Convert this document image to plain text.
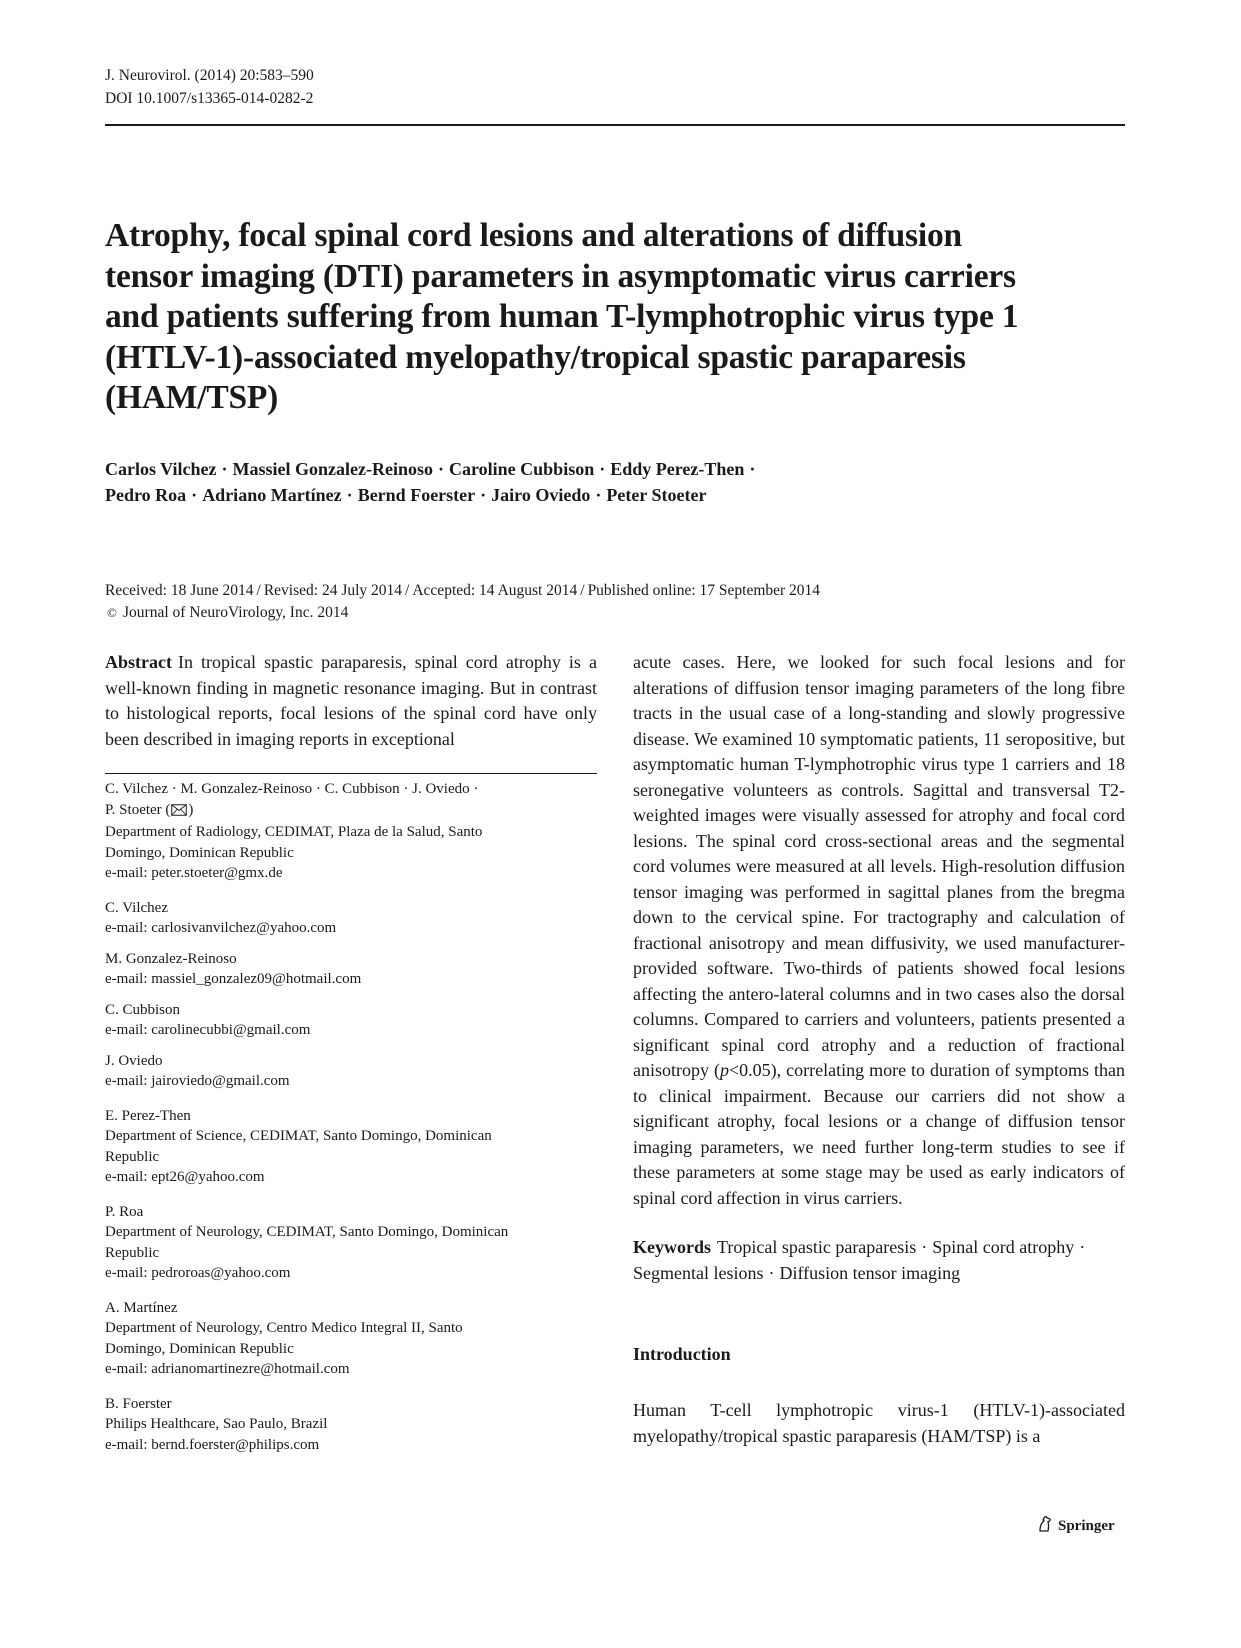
J. Neurovirol. (2014) 20:583–590
DOI 10.1007/s13365-014-0282-2
Atrophy, focal spinal cord lesions and alterations of diffusion
tensor imaging (DTI) parameters in asymptomatic virus carriers
and patients suffering from human T-lymphotrophic virus type 1
(HTLV-1)-associated myelopathy/tropical spastic paraparesis
(HAM/TSP)
Carlos Vilchez · Massiel Gonzalez-Reinoso · Caroline Cubbison · Eddy Perez-Then ·
Pedro Roa · Adriano Martínez · Bernd Foerster · Jairo Oviedo · Peter Stoeter
Received: 18 June 2014 / Revised: 24 July 2014 / Accepted: 14 August 2014 / Published online: 17 September 2014
© Journal of NeuroVirology, Inc. 2014

Abstract In tropical spastic paraparesis, spinal cord atrophy is a well-known finding in magnetic resonance imaging. But in contrast to histological reports, focal lesions of the spinal cord have only been described in imaging reports in exceptional

C. Vilchez · M. Gonzalez-Reinoso · C. Cubbison · J. Oviedo ·
P. Stoeter ( )
Department of Radiology, CEDIMAT, Plaza de la Salud, Santo
Domingo, Dominican Republic
e-mail: peter.stoeter@gmx.de
C. Vilchez
e-mail: carlosivanvilchez@yahoo.com
M. Gonzalez-Reinoso
e-mail: massiel_gonzalez09@hotmail.com
C. Cubbison
e-mail: carolinecubbi@gmail.com
J. Oviedo
e-mail: jairoviedo@gmail.com
E. Perez-Then
Department of Science, CEDIMAT, Santo Domingo, Dominican
Republic
e-mail: ept26@yahoo.com
P. Roa
Department of Neurology, CEDIMAT, Santo Domingo, Dominican
Republic
e-mail: pedroroas@yahoo.com
A. Martínez
Department of Neurology, Centro Medico Integral II, Santo
Domingo, Dominican Republic
e-mail: adrianomartinezre@hotmail.com
B. Foerster
Philips Healthcare, Sao Paulo, Brazil
e-mail: bernd.foerster@philips.com

acute cases. Here, we looked for such focal lesions and for alterations of diffusion tensor imaging parameters of the long fibre tracts in the usual case of a long-standing and slowly progressive disease. We examined 10 symptomatic patients, 11 seropositive, but asymptomatic human T-lymphotrophic virus type 1 carriers and 18 seronegative volunteers as controls. Sagittal and transversal T2-weighted images were visually assessed for atrophy and focal cord lesions. The spinal cord cross-sectional areas and the segmental cord volumes were measured at all levels. High-resolution diffusion tensor imaging was performed in sagittal planes from the bregma down to the cervical spine. For tractography and calculation of fractional anisotropy and mean diffusivity, we used manufacturer-provided software. Two-thirds of patients showed focal lesions affecting the antero-lateral columns and in two cases also the dorsal columns. Compared to carriers and volunteers, patients presented a significant spinal cord atrophy and a reduction of fractional anisotropy (p<0.05), correlating more to duration of symptoms than to clinical impairment. Because our carriers did not show a significant atrophy, focal lesions or a change of diffusion tensor imaging parameters, we need further long-term studies to see if these parameters at some stage may be used as early indicators of spinal cord affection in virus carriers.

Keywords Tropical spastic paraparesis · Spinal cord atrophy ·
Segmental lesions · Diffusion tensor imaging
Introduction

Human T-cell lymphotropic virus-1 (HTLV-1)-associated myelopathy/tropical spastic paraparesis (HAM/TSP) is a

Springer
